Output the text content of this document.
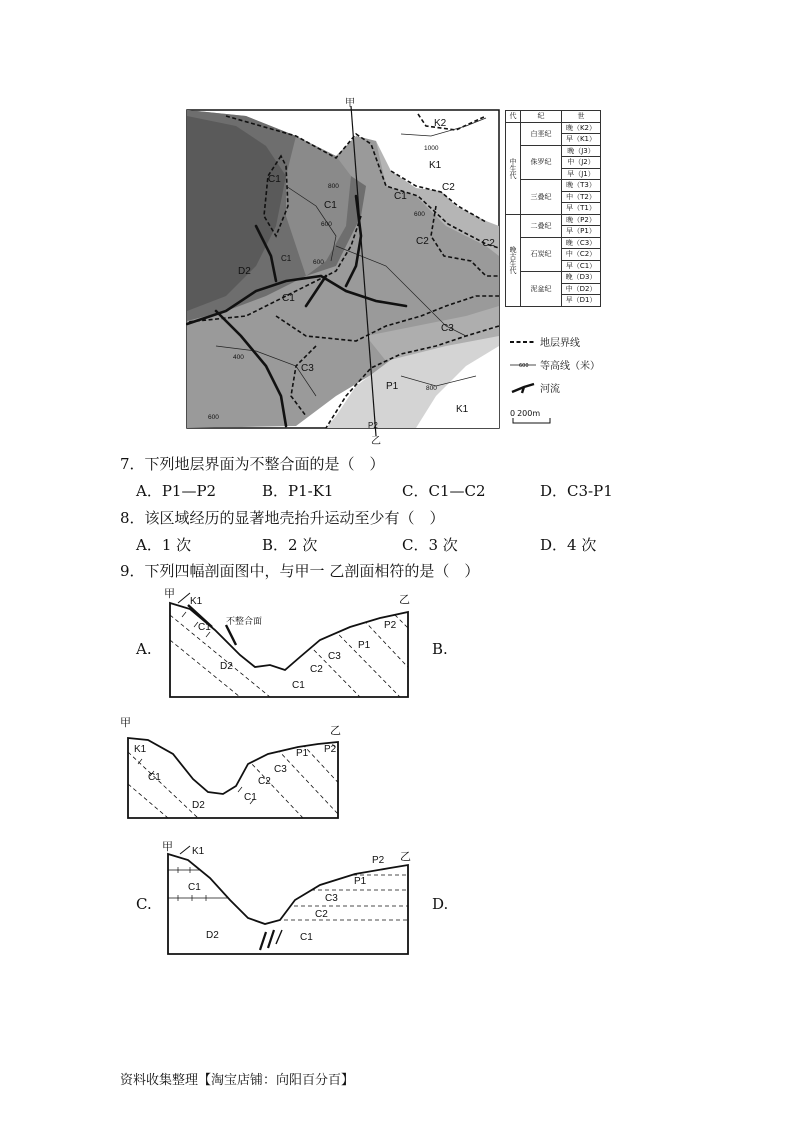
K2
K1
C1
C1
C1
C2
C2	C2
D2
C1
C3
C3
P1
K1
P2
C1
1000
800
600
600
400
600
800
600
甲
乙
代	纪	世
中生代	白垩纪	晚（K2）
		早（K1）
	侏罗纪	晚（J3）
		中（J2）
		早（J1）
	三叠纪	晚（T3）
		中（T2）
		早（T1）
晚古生代	二叠纪	晚（P2）
		早（P1）
	石炭纪	晚（C3）
		中（C2）
		早（C1）
	泥盆纪	晚（D3）
		中（D2）
		早（D1）
地层界线
600 等高线（米）
河流
0 200m
7．下列地层界面为不整合面的是（　）
A．P1—P2	B．P1-K1	C．C1—C2	D．C3-P1
8．该区域经历的显著地壳抬升运动至少有（　）
A．1 次	B．2 次	C．3 次	D．4 次
9．下列四幅剖面图中，与甲一 乙剖面相符的是（　）
A.	B.
甲	乙
K1
C1
D2
C1
C2
C3
P1
P2
不整合面
甲
乙
K1
C1
D2
C1
C2
C3
P1 P2
C.	D.
甲
乙
K1
C1
D2	C1
C2
C3
P1
P2
资料收集整理【淘宝店铺：向阳百分百】
